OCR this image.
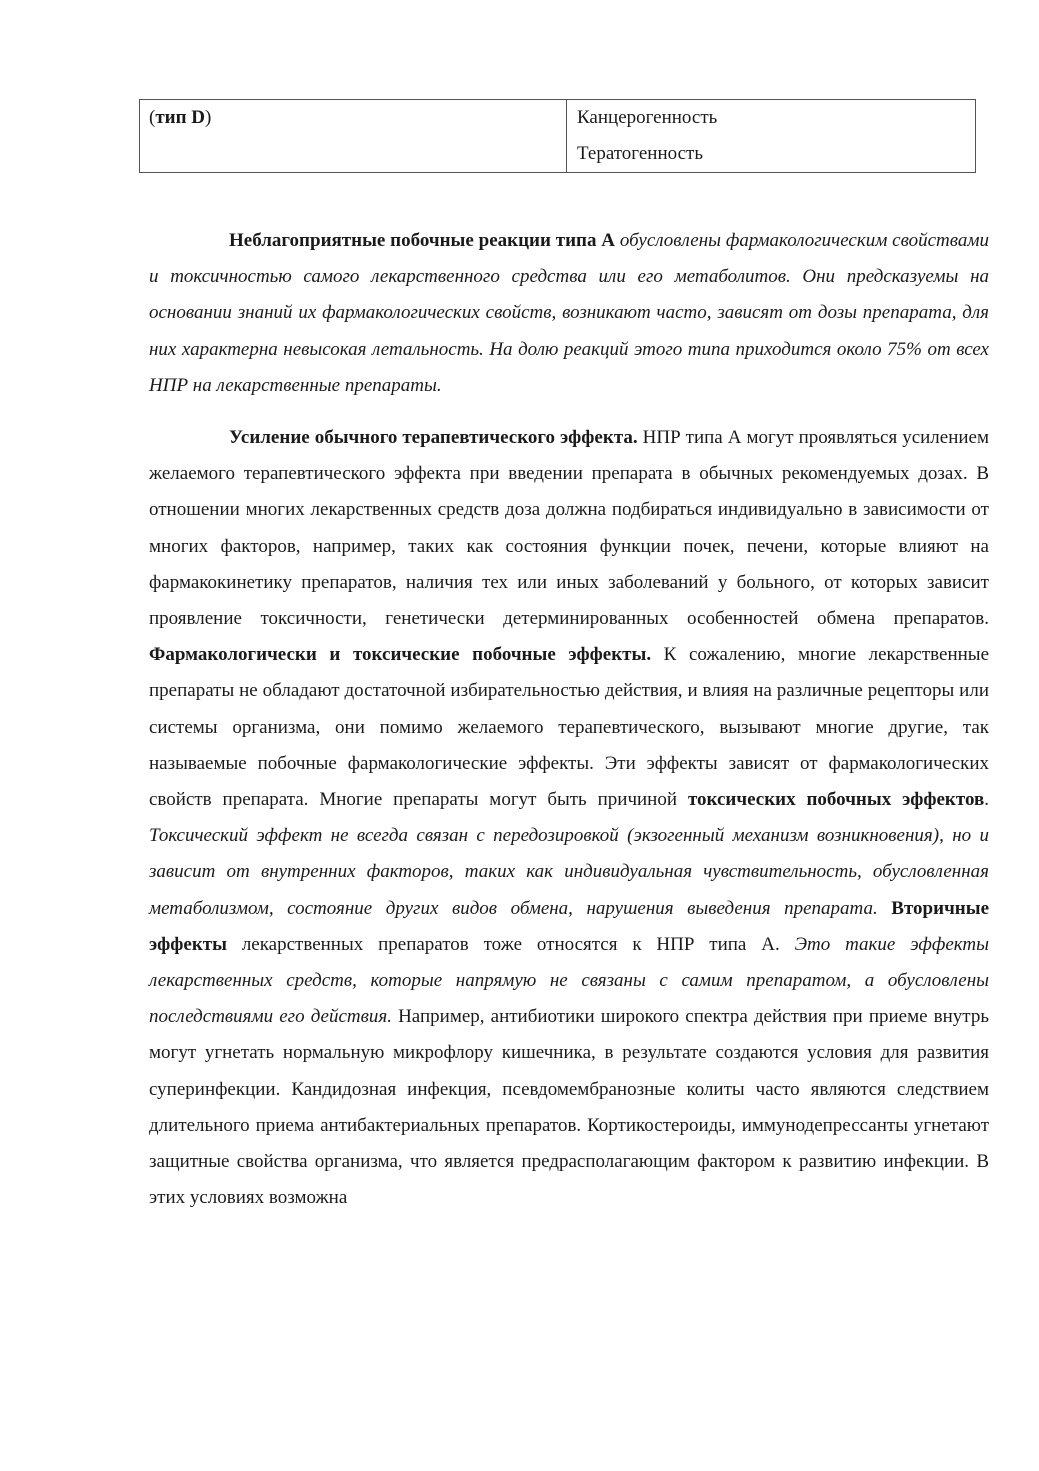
(тип D)	Канцерогенность
Тератогенность

Неблагоприятные побочные реакции типа А обусловлены фармакологическим свойствами и токсичностью самого лекарственного средства или его метаболитов. Они предсказуемы на основании знаний их фармакологических свойств, возникают часто, зависят от дозы препарата, для них характерна невысокая летальность. На долю реакций этого типа приходится около 75% от всех НПР на лекарственные препараты.

Усиление обычного терапевтического эффекта. НПР типа А могут проявляться усилением желаемого терапевтического эффекта при введении препарата в обычных рекомендуемых дозах. В отношении многих лекарственных средств доза должна подбираться индивидуально в зависимости от многих факторов, например, таких как состояния функции почек, печени, которые влияют на фармакокинетику препаратов, наличия тех или иных заболеваний у больного, от которых зависит проявление токсичности, генетически детерминированных особенностей обмена препаратов. Фармакологически и токсические побочные эффекты. К сожалению, многие лекарственные препараты не обладают достаточной избирательностью действия, и влияя на различные рецепторы или системы организма, они помимо желаемого терапевтического, вызывают многие другие, так называемые побочные фармакологические эффекты. Эти эффекты зависят от фармакологических свойств препарата. Многие препараты могут быть причиной токсических побочных эффектов. Токсический эффект не всегда связан с передозировкой (экзогенный механизм возникновения), но и зависит от внутренних факторов, таких как индивидуальная чувствительность, обусловленная метаболизмом, состояние других видов обмена, нарушения выведения препарата. Вторичные эффекты лекарственных препаратов тоже относятся к НПР типа А. Это такие эффекты лекарственных средств, которые напрямую не связаны с самим препаратом, а обусловлены последствиями его действия. Например, антибиотики широкого спектра действия при приеме внутрь могут угнетать нормальную микрофлору кишечника, в результате создаются условия для развития суперинфекции. Кандидозная инфекция, псевдомембранозные колиты часто являются следствием длительного приема антибактериальных препаратов. Кортикостероиды, иммунодепрессанты угнетают защитные свойства организма, что является предрасполагающим фактором к развитию инфекции. В этих условиях возможна
